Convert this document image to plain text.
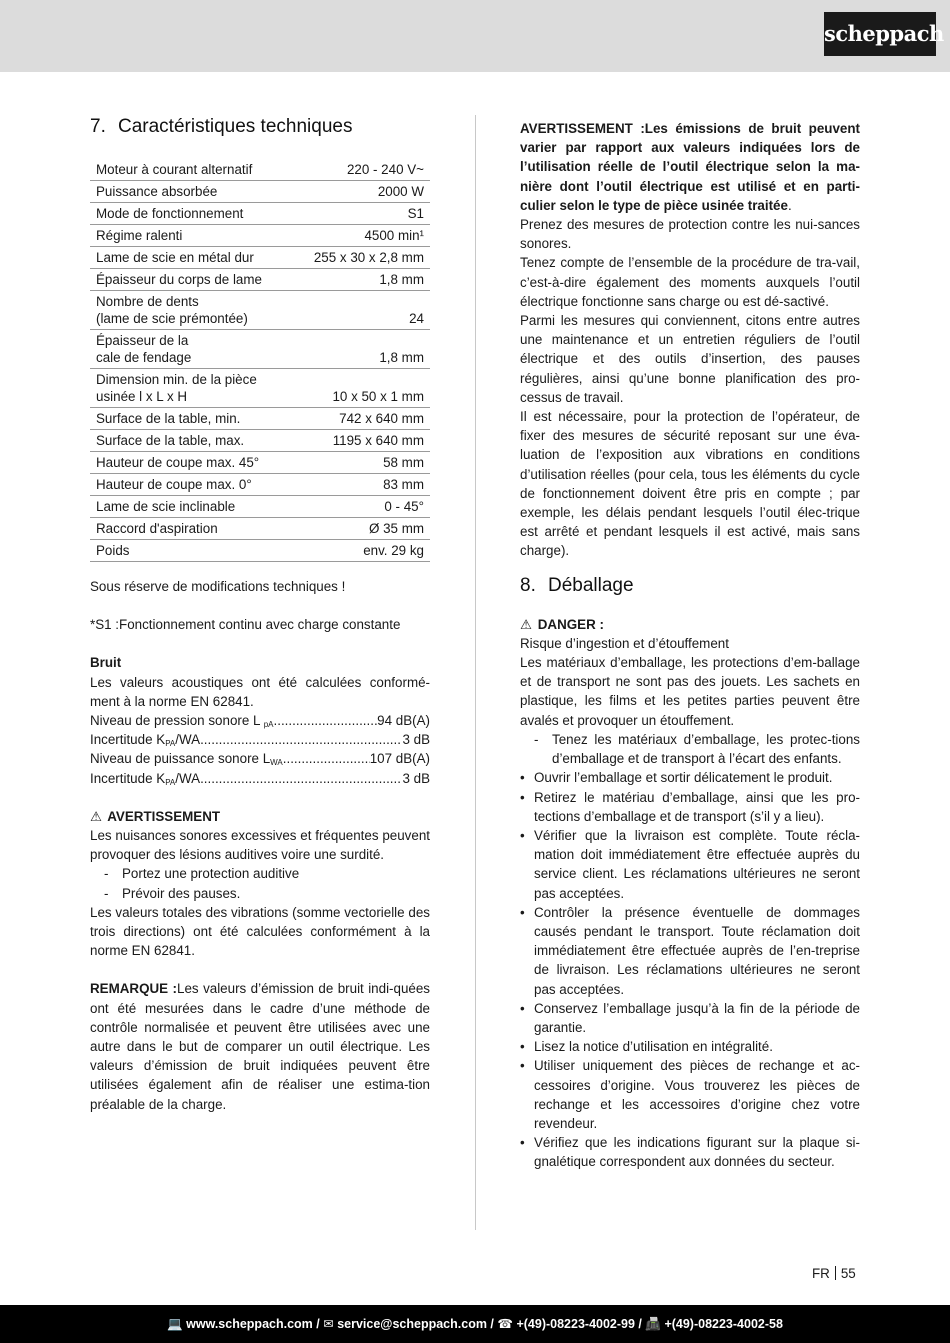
scheppach
7. Caractéristiques techniques
Moteur à courant alternatif	220 - 240 V~
Puissance absorbée	2000 W
Mode de fonctionnement	S1
Régime ralenti	4500 min¹
Lame de scie en métal dur	255 x 30 x 2,8 mm
Épaisseur du corps de lame	1,8 mm
Nombre de dents
(lame de scie prémontée)	24
Épaisseur de la
cale de fendage	1,8 mm
Dimension min. de la pièce
usinée l x L x H	10 x 50 x 1 mm
Surface de la table, min.	742 x 640 mm
Surface de la table, max.	1195 x 640 mm
Hauteur de coupe max. 45°	58 mm
Hauteur de coupe max. 0°	83 mm
Lame de scie inclinable	0 - 45°
Raccord d'aspiration	Ø 35 mm
Poids	env. 29 kg

Sous réserve de modifications techniques !

*S1 :Fonctionnement continu avec charge constante

Bruit

Les valeurs acoustiques ont été calculées conformé-ment à la norme EN 62841.

Niveau de pression sonore L $_{pA}$ .....	94 dB(A)
Incertitude $K_{PA}/WA$ .....	3 dB
Niveau de puissance sonore $L_{WA}$ .....	107 dB(A)
Incertitude $K_{PA}/WA$ .....	3 dB

⚠ AVERTISSEMENT

Les nuisances sonores excessives et fréquentes peuvent provoquer des lésions auditives voire une surdité.

- Portez une protection auditive
- Prévoir des pauses.

Les valeurs totales des vibrations (somme vectorielle des trois directions) ont été calculées conformément à la norme EN 62841.

REMARQUE :Les valeurs d’émission de bruit indi-quées ont été mesurées dans le cadre d’une méthode de contrôle normalisée et peuvent être utilisées avec une autre dans le but de comparer un outil électrique. Les valeurs d’émission de bruit indiquées peuvent être utilisées également afin de réaliser une estima-tion préalable de la charge.

AVERTISSEMENT :Les émissions de bruit peuvent varier par rapport aux valeurs indiquées lors de l’utilisation réelle de l’outil électrique selon la ma-nière dont l’outil électrique est utilisé et en parti-culier selon le type de pièce usinée traitée.

Prenez des mesures de protection contre les nui-sances sonores.

Tenez compte de l’ensemble de la procédure de tra-vail, c’est-à-dire également des moments auxquels l’outil électrique fonctionne sans charge ou est dé-sactivé.

Parmi les mesures qui conviennent, citons entre autres une maintenance et un entretien réguliers de l’outil électrique et des outils d’insertion, des pauses régulières, ainsi qu’une bonne planification des pro-cessus de travail.

Il est nécessaire, pour la protection de l’opérateur, de fixer des mesures de sécurité reposant sur une éva-luation de l’exposition aux vibrations en conditions d’utilisation réelles (pour cela, tous les éléments du cycle de fonctionnement doivent être pris en compte ; par exemple, les délais pendant lesquels l’outil élec-trique est arrêté et pendant lesquels il est activé, mais sans charge).

8. Déballage

⚠ DANGER :

Risque d’ingestion et d’étouffement

Les matériaux d’emballage, les protections d’em-ballage et de transport ne sont pas des jouets. Les sachets en plastique, les films et les petites parties peuvent être avalés et provoquer un étouffement.

- Tenez les matériaux d’emballage, les protec-tions d’emballage et de transport à l’écart des enfants.
• Ouvrir l’emballage et sortir délicatement le produit.
• Retirez le matériau d’emballage, ainsi que les pro-tections d’emballage et de transport (s’il y a lieu).
• Vérifier que la livraison est complète. Toute récla-mation doit immédiatement être effectuée auprès du service client. Les réclamations ultérieures ne seront pas acceptées.
• Contrôler la présence éventuelle de dommages causés pendant le transport. Toute réclamation doit immédiatement être effectuée auprès de l’en-treprise de livraison. Les réclamations ultérieures ne seront pas acceptées.
• Conservez l’emballage jusqu’à la fin de la période de garantie.
• Lisez la notice d’utilisation en intégralité.
• Utiliser uniquement des pièces de rechange et ac-cessoires d’origine. Vous trouverez les pièces de rechange et les accessoires d’origine chez votre revendeur.
• Vérifiez que les indications figurant sur la plaque si-gnalétique correspondent aux données du secteur.
FR 55
💻 www.scheppach.com / ✉ service@scheppach.com / ☎ +(49)-08223-4002-99 / 📠 +(49)-08223-4002-58
